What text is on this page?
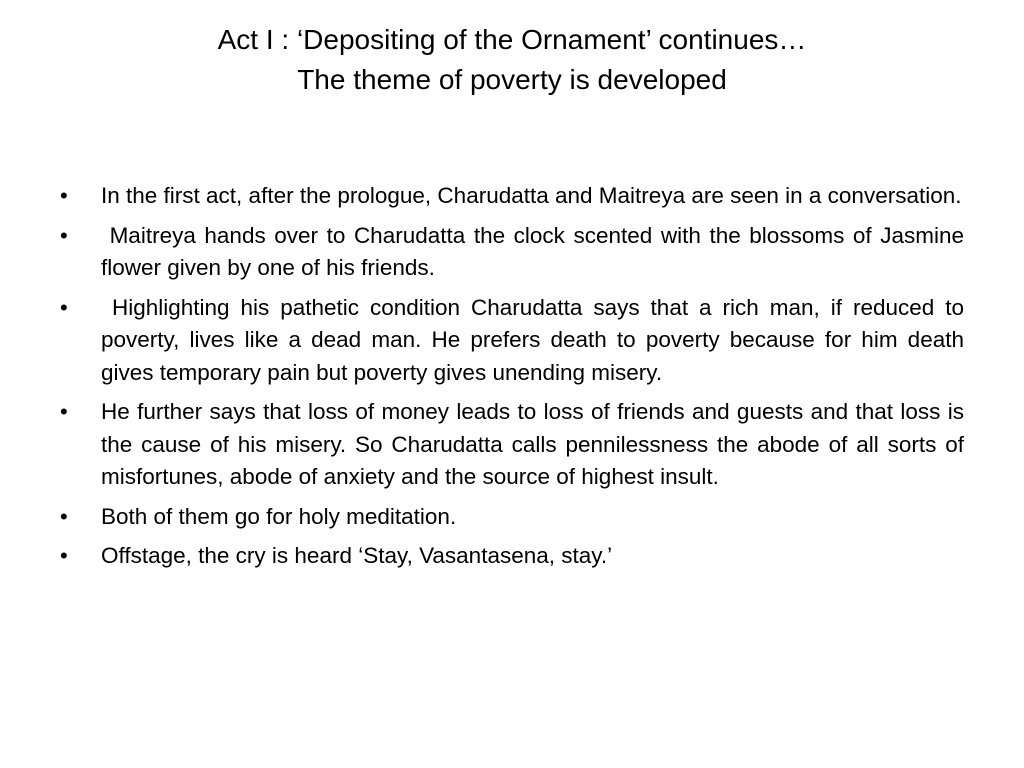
Act I : ‘Depositing of the Ornament’ continues…
The theme of poverty is developed
• In the first act, after the prologue, Charudatta and Maitreya are seen in a conversation.
• Maitreya hands over to Charudatta the clock scented with the blossoms of Jasmine flower given by one of his friends.
• Highlighting his pathetic condition Charudatta says that a rich man, if reduced to poverty, lives like a dead man. He prefers death to poverty because for him death gives temporary pain but poverty gives unending misery.
• He further says that loss of money leads to loss of friends and guests and that loss is the cause of his misery. So Charudatta calls pennilessness the abode of all sorts of misfortunes, abode of anxiety and the source of highest insult.
• Both of them go for holy meditation.
• Offstage, the cry is heard ‘Stay, Vasantasena, stay.’
